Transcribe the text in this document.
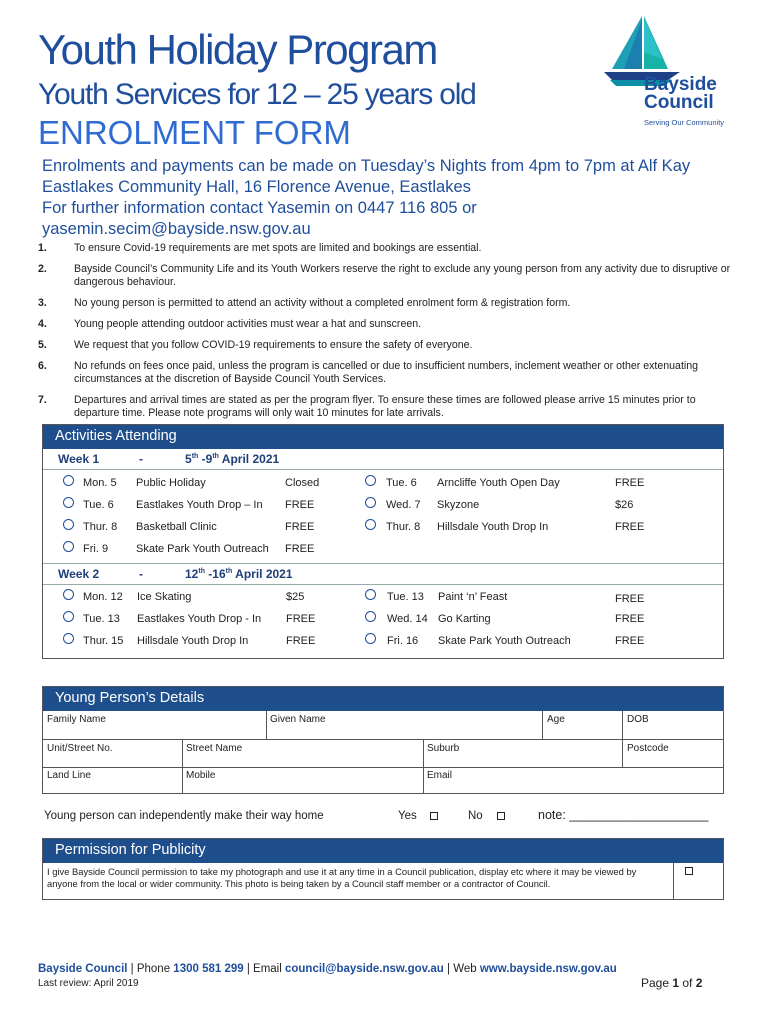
Youth Holiday Program
Youth Services for 12 – 25 years old
ENROLMENT FORM
Bayside
Council
Serving Our Community
Enrolments and payments can be made on Tuesday’s Nights from 4pm to 7pm at Alf Kay
Eastlakes Community Hall, 16 Florence Avenue, Eastlakes
For further information contact Yasemin on 0447 116 805 or
yasemin.secim@bayside.nsw.gov.au
1.	To ensure Covid-19 requirements are met spots are limited and bookings are essential.
2.	Bayside Council’s Community Life and its Youth Workers reserve the right to exclude any young person from any activity due to disruptive or dangerous behaviour.
3.	No young person is permitted to attend an activity without a completed enrolment form & registration form.
4.	Young people attending outdoor activities must wear a hat and sunscreen.
5.	We request that you follow COVID-19 requirements to ensure the safety of everyone.
6.	No refunds on fees once paid, unless the program is cancelled or due to insufficient numbers, inclement weather or other extenuating circumstances at the discretion of Bayside Council Youth Services.
7.	Departures and arrival times are stated as per the program flyer. To ensure these times are followed please arrive 15 minutes prior to departure time. Please note programs will only wait 10 minutes for late arrivals.
Activities Attending
Week 1	-	5th -9th April 2021
Mon. 5 Public Holiday	Closed
Tue. 6 Eastlakes Youth Drop – In FREE
Thur. 8 Basketball Clinic	FREE
Fri. 9	Skate Park Youth Outreach FREE
Tue. 6 Arncliffe Youth Open Day	FREE
Wed. 7 Skyzone	$26
Thur. 8 Hillsdale Youth Drop In	FREE
Week 2	-	12th -16th April 2021
Mon. 12 Ice Skating	$25
Tue. 13 Eastlakes Youth Drop - In FREE
Thur. 15 Hillsdale Youth Drop In	FREE
Tue. 13 Paint ‘n’ Feast	FREE
Wed. 14 Go Karting	FREE
Fri. 16 Skate Park Youth Outreach	FREE
Young Person’s Details
Family Name	Given Name	Age	DOB
Unit/Street No.	Street Name	Suburb	Postcode
Land Line	Mobile	Email
Young person can independently make their way home	Yes	No	note: ____________________
Permission for Publicity
I give Bayside Council permission to take my photograph and use it at any time in a Council publication, display etc where it may be viewed by anyone from the local or wider community. This photo is being taken by a Council staff member or a contractor of Council.
Bayside Council | Phone 1300 581 299 | Email council@bayside.nsw.gov.au | Web www.bayside.nsw.gov.au
Last review: April 2019	Page 1 of 2
